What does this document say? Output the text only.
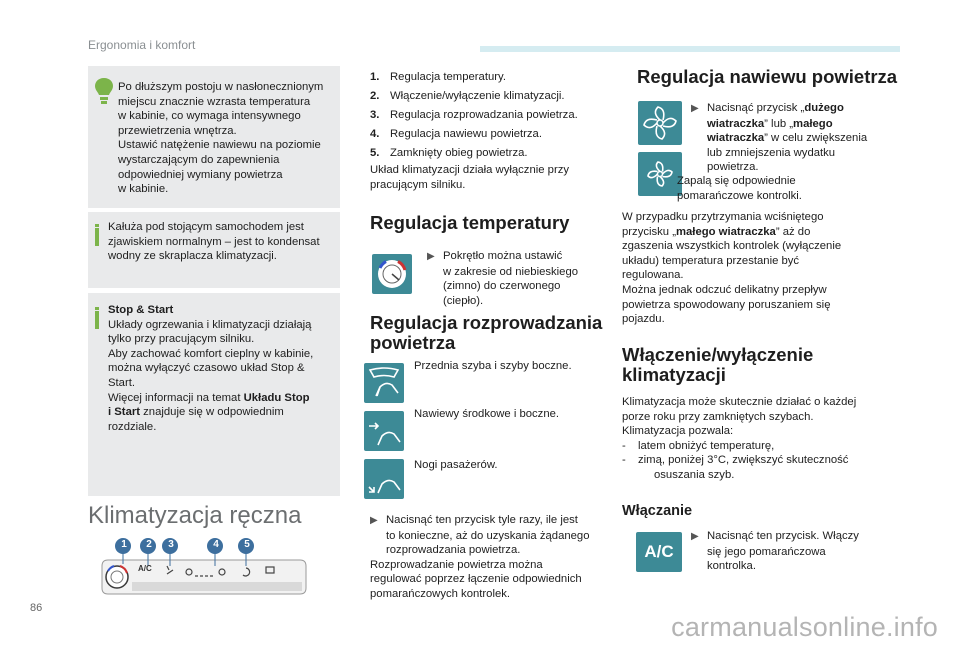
Ergonomia i komfort
Po dłuższym postoju w nasłonecznionym
miejscu znacznie wzrasta temperatura
w kabinie, co wymaga intensywnego
przewietrzenia wnętrza.
Ustawić natężenie nawiewu na poziomie
wystarczającym do zapewnienia
odpowiedniej wymiany powietrza
w kabinie.
Kałuża pod stojącym samochodem jest
zjawiskiem normalnym – jest to kondensat
wodny ze skraplacza klimatyzacji.
Stop & Start
Układy ogrzewania i klimatyzacji działają
tylko przy pracującym silniku.
Aby zachować komfort cieplny w kabinie,
można wyłączyć czasowo układ Stop &
Start.
Więcej informacji na temat Układu Stop
i Start znajduje się w odpowiednim
rozdziale.
Klimatyzacja ręczna
1	2	3	4	5
A/C
86
1. Regulacja temperatury.
2. Włączenie/wyłączenie klimatyzacji.
3. Regulacja rozprowadzania powietrza.
4. Regulacja nawiewu powietrza.
5. Zamknięty obieg powietrza.
Układ klimatyzacji działa wyłącznie przy
pracującym silniku.
Regulacja temperatury
▶ Pokrętło można ustawić
w zakresie od niebieskiego
(zimno) do czerwonego
(ciepło).
Regulacja rozprowadzania
powietrza
Przednia szyba i szyby boczne.
Nawiewy środkowe i boczne.
Nogi pasażerów.
▶ Nacisnąć ten przycisk tyle razy, ile jest
to konieczne, aż do uzyskania żądanego
rozprowadzania powietrza.
Rozprowadzanie powietrza można
regulować poprzez łączenie odpowiednich
pomarańczowych kontrolek.
Regulacja nawiewu powietrza
▶ Nacisnąć przycisk „dużego
wiatraczka” lub „małego
wiatraczka” w celu zwiększenia
lub zmniejszenia wydatku
powietrza.
Zapalą się odpowiednie
pomarańczowe kontrolki.
W przypadku przytrzymania wciśniętego
przycisku „małego wiatraczka” aż do
zgaszenia wszystkich kontrolek (wyłączenie
układu) temperatura przestanie być
regulowana.
Można jednak odczuć delikatny przepływ
powietrza spowodowany poruszaniem się
pojazdu.
Włączenie/wyłączenie
klimatyzacji
Klimatyzacja może skutecznie działać o każdej
porze roku przy zamkniętych szybach.
Klimatyzacja pozwala:
- latem obniżyć temperaturę,
- zimą, poniżej 3°C, zwiększyć skuteczność
osuszania szyb.
Włączanie
A/C
▶ Nacisnąć ten przycisk. Włączy
się jego pomarańczowa
kontrolka.
carmanualsonline.info
